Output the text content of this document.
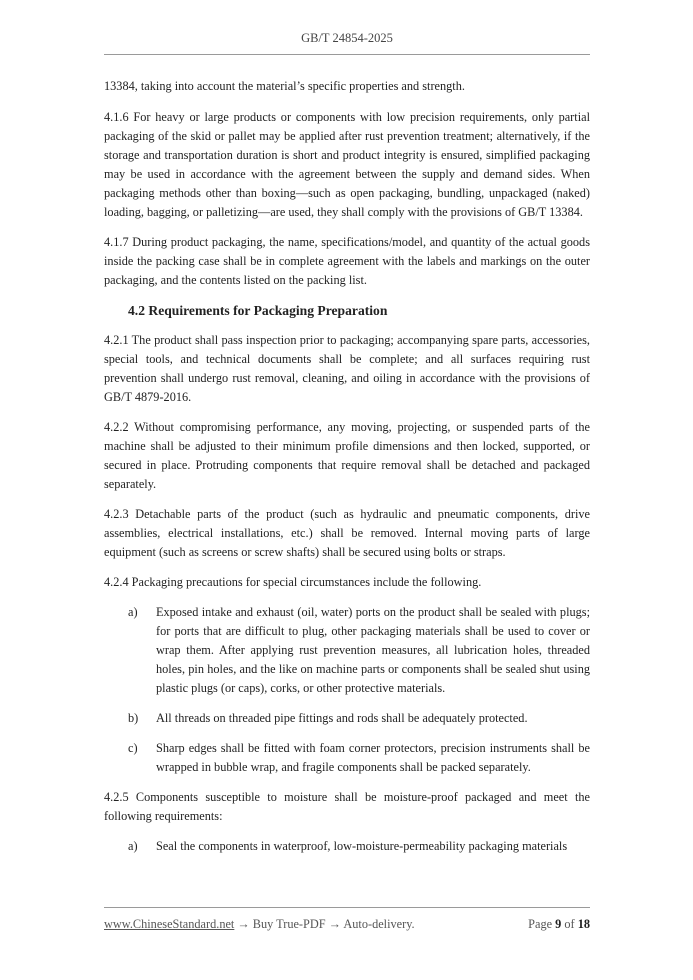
GB/T 24854-2025

13384, taking into account the material’s specific properties and strength.

4.1.6 For heavy or large products or components with low precision requirements, only partial packaging of the skid or pallet may be applied after rust prevention treatment; alternatively, if the storage and transportation duration is short and product integrity is ensured, simplified packaging may be used in accordance with the agreement between the supply and demand sides. When packaging methods other than boxing—such as open packaging, bundling, unpackaged (naked) loading, bagging, or palletizing—are used, they shall comply with the provisions of GB/T 13384.

4.1.7 During product packaging, the name, specifications/model, and quantity of the actual goods inside the packing case shall be in complete agreement with the labels and markings on the outer packaging, and the contents listed on the packing list.

4.2 Requirements for Packaging Preparation

4.2.1 The product shall pass inspection prior to packaging; accompanying spare parts, accessories, special tools, and technical documents shall be complete; and all surfaces requiring rust prevention shall undergo rust removal, cleaning, and oiling in accordance with the provisions of GB/T 4879-2016.

4.2.2 Without compromising performance, any moving, projecting, or suspended parts of the machine shall be adjusted to their minimum profile dimensions and then locked, supported, or secured in place. Protruding components that require removal shall be detached and packaged separately.

4.2.3 Detachable parts of the product (such as hydraulic and pneumatic components, drive assemblies, electrical installations, etc.) shall be removed. Internal moving parts of large equipment (such as screens or screw shafts) shall be secured using bolts or straps.

4.2.4 Packaging precautions for special circumstances include the following.

a)	Exposed intake and exhaust (oil, water) ports on the product shall be sealed with plugs; for ports that are difficult to plug, other packaging materials shall be used to cover or wrap them. After applying rust prevention measures, all lubrication holes, threaded holes, pin holes, and the like on machine parts or components shall be sealed shut using plastic plugs (or caps), corks, or other protective materials.
b)	All threads on threaded pipe fittings and rods shall be adequately protected.
c)	Sharp edges shall be fitted with foam corner protectors, precision instruments shall be wrapped in bubble wrap, and fragile components shall be packed separately.

4.2.5 Components susceptible to moisture shall be moisture-proof packaged and meet the following requirements:

a)	Seal the components in waterproof, low-moisture-permeability packaging materials
www.ChineseStandard.net → Buy True-PDF → Auto-delivery.	Page 9 of 18
